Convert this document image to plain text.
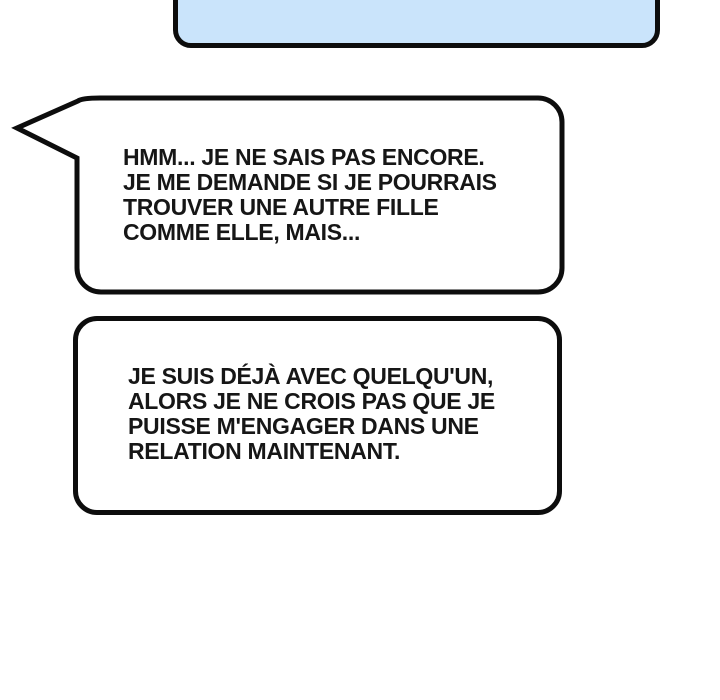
HMM... JE NE SAIS PAS ENCORE.
JE ME DEMANDE SI JE POURRAIS
TROUVER UNE AUTRE FILLE
COMME ELLE, MAIS...
JE SUIS DÉJÀ AVEC QUELQU'UN,
ALORS JE NE CROIS PAS QUE JE
PUISSE M'ENGAGER DANS UNE
RELATION MAINTENANT.
